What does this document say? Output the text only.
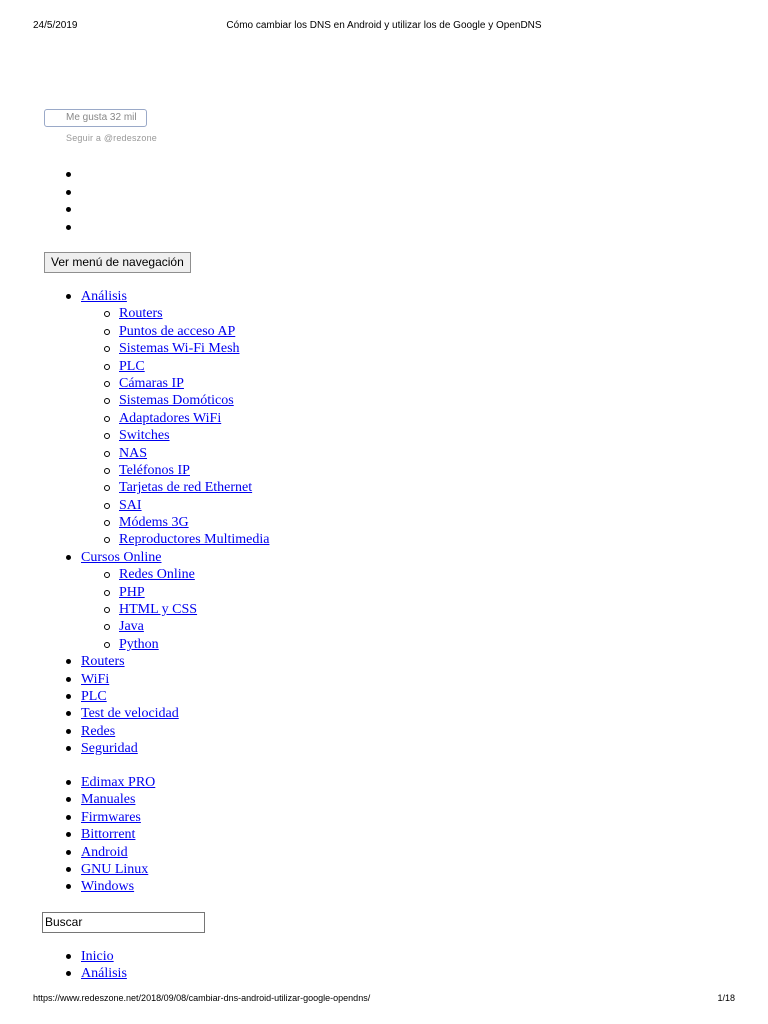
24/5/2019	Cómo cambiar los DNS en Android y utilizar los de Google y OpenDNS
Me gusta 32 mil
Seguir a @redeszone
Ver menú de navegación
Análisis
Routers
Puntos de acceso AP
Sistemas Wi-Fi Mesh
PLC
Cámaras IP
Sistemas Domóticos
Adaptadores WiFi
Switches
NAS
Teléfonos IP
Tarjetas de red Ethernet
SAI
Módems 3G
Reproductores Multimedia
Cursos Online
Redes Online
PHP
HTML y CSS
Java
Python
Routers
WiFi
PLC
Test de velocidad
Redes
Seguridad
Edimax PRO
Manuales
Firmwares
Bittorrent
Android
GNU Linux
Windows
Buscar
Inicio
Análisis
https://www.redeszone.net/2018/09/08/cambiar-dns-android-utilizar-google-opendns/	1/18
